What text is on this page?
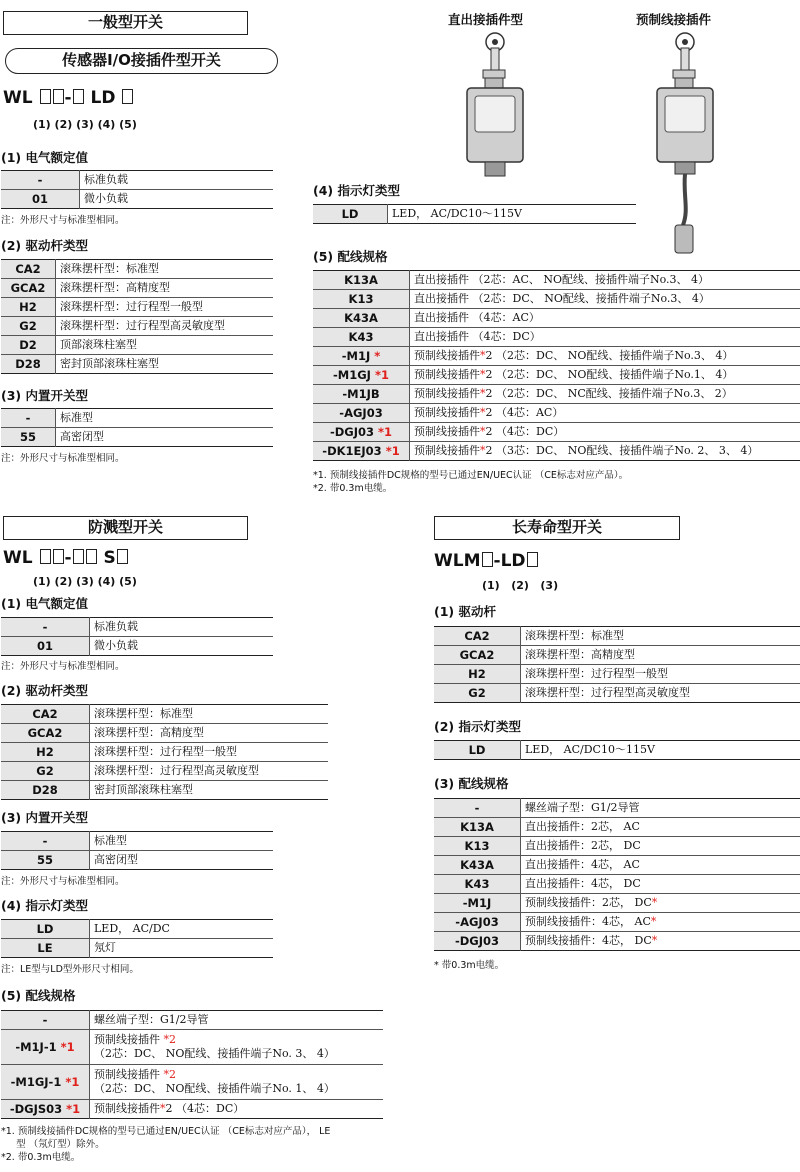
一般型开关
传感器I/O接插件型开关
WL - LD
(1) (2) (3) (4) (5)
(1) 电气额定值
-	标准负载
01	微小负载
注：外形尺寸与标准型相同。
(2) 驱动杆类型
CA2	滚珠摆杆型：标准型
GCA2	滚珠摆杆型：高精度型
H2	滚珠摆杆型：过行程型一般型
G2	滚珠摆杆型：过行程型高灵敏度型
D2	顶部滚珠柱塞型
D28	密封顶部滚珠柱塞型
(3) 内置开关型
-	标准型
55	高密闭型
注：外形尺寸与标准型相同。
直出接插件型	预制线接插件
(4) 指示灯类型
LD	LED， AC/DC10～115V
(5) 配线规格
K13A	直出接插件 （2芯：AC、 NO配线、接插件端子No.3、 4）
K13	直出接插件 （2芯：DC、 NO配线、接插件端子No.3、 4）
K43A	直出接插件 （4芯：AC）
K43	直出接插件 （4芯：DC）
-M1J *	预制线接插件*2 （2芯：DC、 NO配线、接插件端子No.3、 4）
-M1GJ *1	预制线接插件*2 （2芯：DC、 NO配线、接插件端子No.1、 4）
-M1JB	预制线接插件*2 （2芯：DC、 NC配线、接插件端子No.3、 2）
-AGJ03	预制线接插件*2 （4芯：AC）
-DGJ03 *1	预制线接插件*2 （4芯：DC）
-DK1EJ03 *1	预制线接插件*2 （3芯：DC、 NO配线、接插件端子No. 2、 3、 4）
*1. 预制线接插件DC规格的型号已通过EN/UEC认证 （CE标志对应产品）。
*2. 带0.3m电缆。
防溅型开关
WL - S
(1) (2) (3) (4) (5)
(1) 电气额定值
-	标准负载
01	微小负载
注：外形尺寸与标准型相同。
(2) 驱动杆类型
CA2	滚珠摆杆型：标准型
GCA2	滚珠摆杆型：高精度型
H2	滚珠摆杆型：过行程型一般型
G2	滚珠摆杆型：过行程型高灵敏度型
D28	密封顶部滚珠柱塞型
(3) 内置开关型
-	标准型
55	高密闭型
注：外形尺寸与标准型相同。
(4) 指示灯类型
LD	LED， AC/DC
LE	氖灯
注：LE型与LD型外形尺寸相同。
(5) 配线规格
-	螺丝端子型：G1/2导管
-M1J-1 *1	预制线接插件 *2
（2芯：DC、 NO配线、接插件端子No. 3、 4）
-M1GJ-1 *1	预制线接插件 *2
（2芯：DC、 NO配线、接插件端子No. 1、 4）
-DGJS03 *1	预制线接插件*2 （4芯：DC）
*1. 预制线接插件DC规格的型号已通过EN/UEC认证 （CE标志对应产品）， LE
型 （氖灯型）除外。
*2. 带0.3m电缆。
长寿命型开关
WLM -LD
(1)   (2)   (3)
(1) 驱动杆
CA2	滚珠摆杆型：标准型
GCA2	滚珠摆杆型：高精度型
H2	滚珠摆杆型：过行程型一般型
G2	滚珠摆杆型：过行程型高灵敏度型
(2) 指示灯类型
LD	LED， AC/DC10～115V
(3) 配线规格
-	螺丝端子型：G1/2导管
K13A	直出接插件：2芯， AC
K13	直出接插件：2芯， DC
K43A	直出接插件：4芯， AC
K43	直出接插件：4芯， DC
-M1J	预制线接插件：2芯， DC*
-AGJ03	预制线接插件：4芯， AC*
-DGJ03	预制线接插件：4芯， DC*
* 带0.3m电缆。
